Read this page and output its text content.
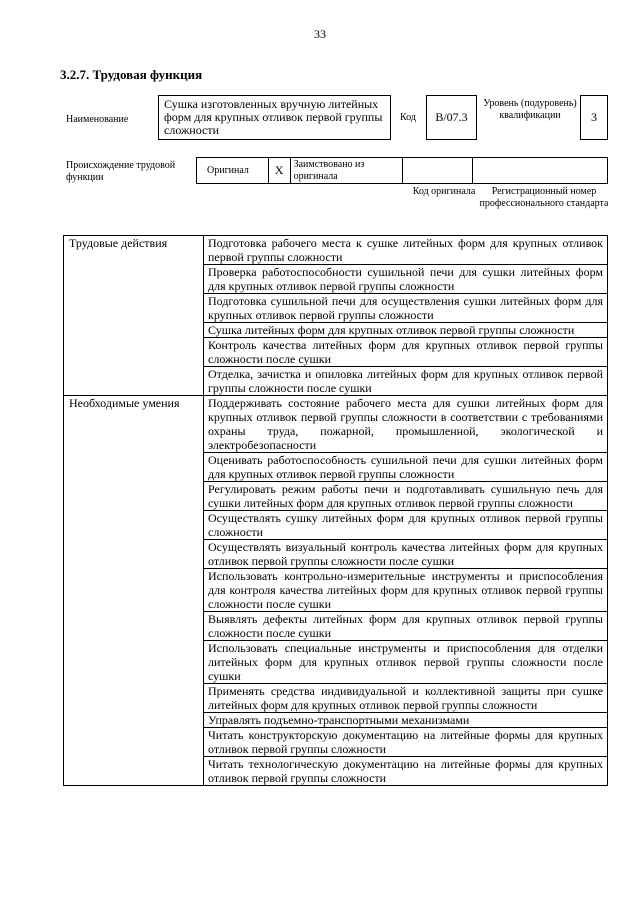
33
3.2.7. Трудовая функция
Наименование
Сушка изготовленных вручную литейных форм для крупных отливок первой группы сложности
Код	B/07.3
Уровень (подуровень) квалификации	3
Происхождение трудовой функции
Оригинал	X	Заимствовано из оригинала
Код оригинала	Регистрационный номер профессионального стандарта
Трудовые действия	Подготовка рабочего места к сушке литейных форм для крупных отливок первой группы сложности
	Проверка работоспособности сушильной печи для сушки литейных форм для крупных отливок первой группы сложности
	Подготовка сушильной печи для осуществления сушки литейных форм для крупных отливок первой группы сложности
	Сушка литейных форм для крупных отливок первой группы сложности
	Контроль качества литейных форм для крупных отливок первой группы сложности после сушки
	Отделка, зачистка и опиловка литейных форм для крупных отливок первой группы сложности после сушки
Необходимые умения	Поддерживать состояние рабочего места для сушки литейных форм для крупных отливок первой группы сложности в соответствии с требованиями охраны труда, пожарной, промышленной, экологической и электробезопасности
	Оценивать работоспособность сушильной печи для сушки литейных форм для крупных отливок первой группы сложности
	Регулировать режим работы печи и подготавливать сушильную печь для сушки литейных форм для крупных отливок первой группы сложности
	Осуществлять сушку литейных форм для крупных отливок первой группы сложности
	Осуществлять визуальный контроль качества литейных форм для крупных отливок первой группы сложности после сушки
	Использовать контрольно-измерительные инструменты и приспособления для контроля качества литейных форм для крупных отливок первой группы сложности после сушки
	Выявлять дефекты литейных форм для крупных отливок первой группы сложности после сушки
	Использовать специальные инструменты и приспособления для отделки литейных форм для крупных отливок первой группы сложности после сушки
	Применять средства индивидуальной и коллективной защиты при сушке литейных форм для крупных отливок первой группы сложности
	Управлять подъемно-транспортными механизмами
	Читать конструкторскую документацию на литейные формы для крупных отливок первой группы сложности
	Читать технологическую документацию на литейные формы для крупных отливок первой группы сложности
